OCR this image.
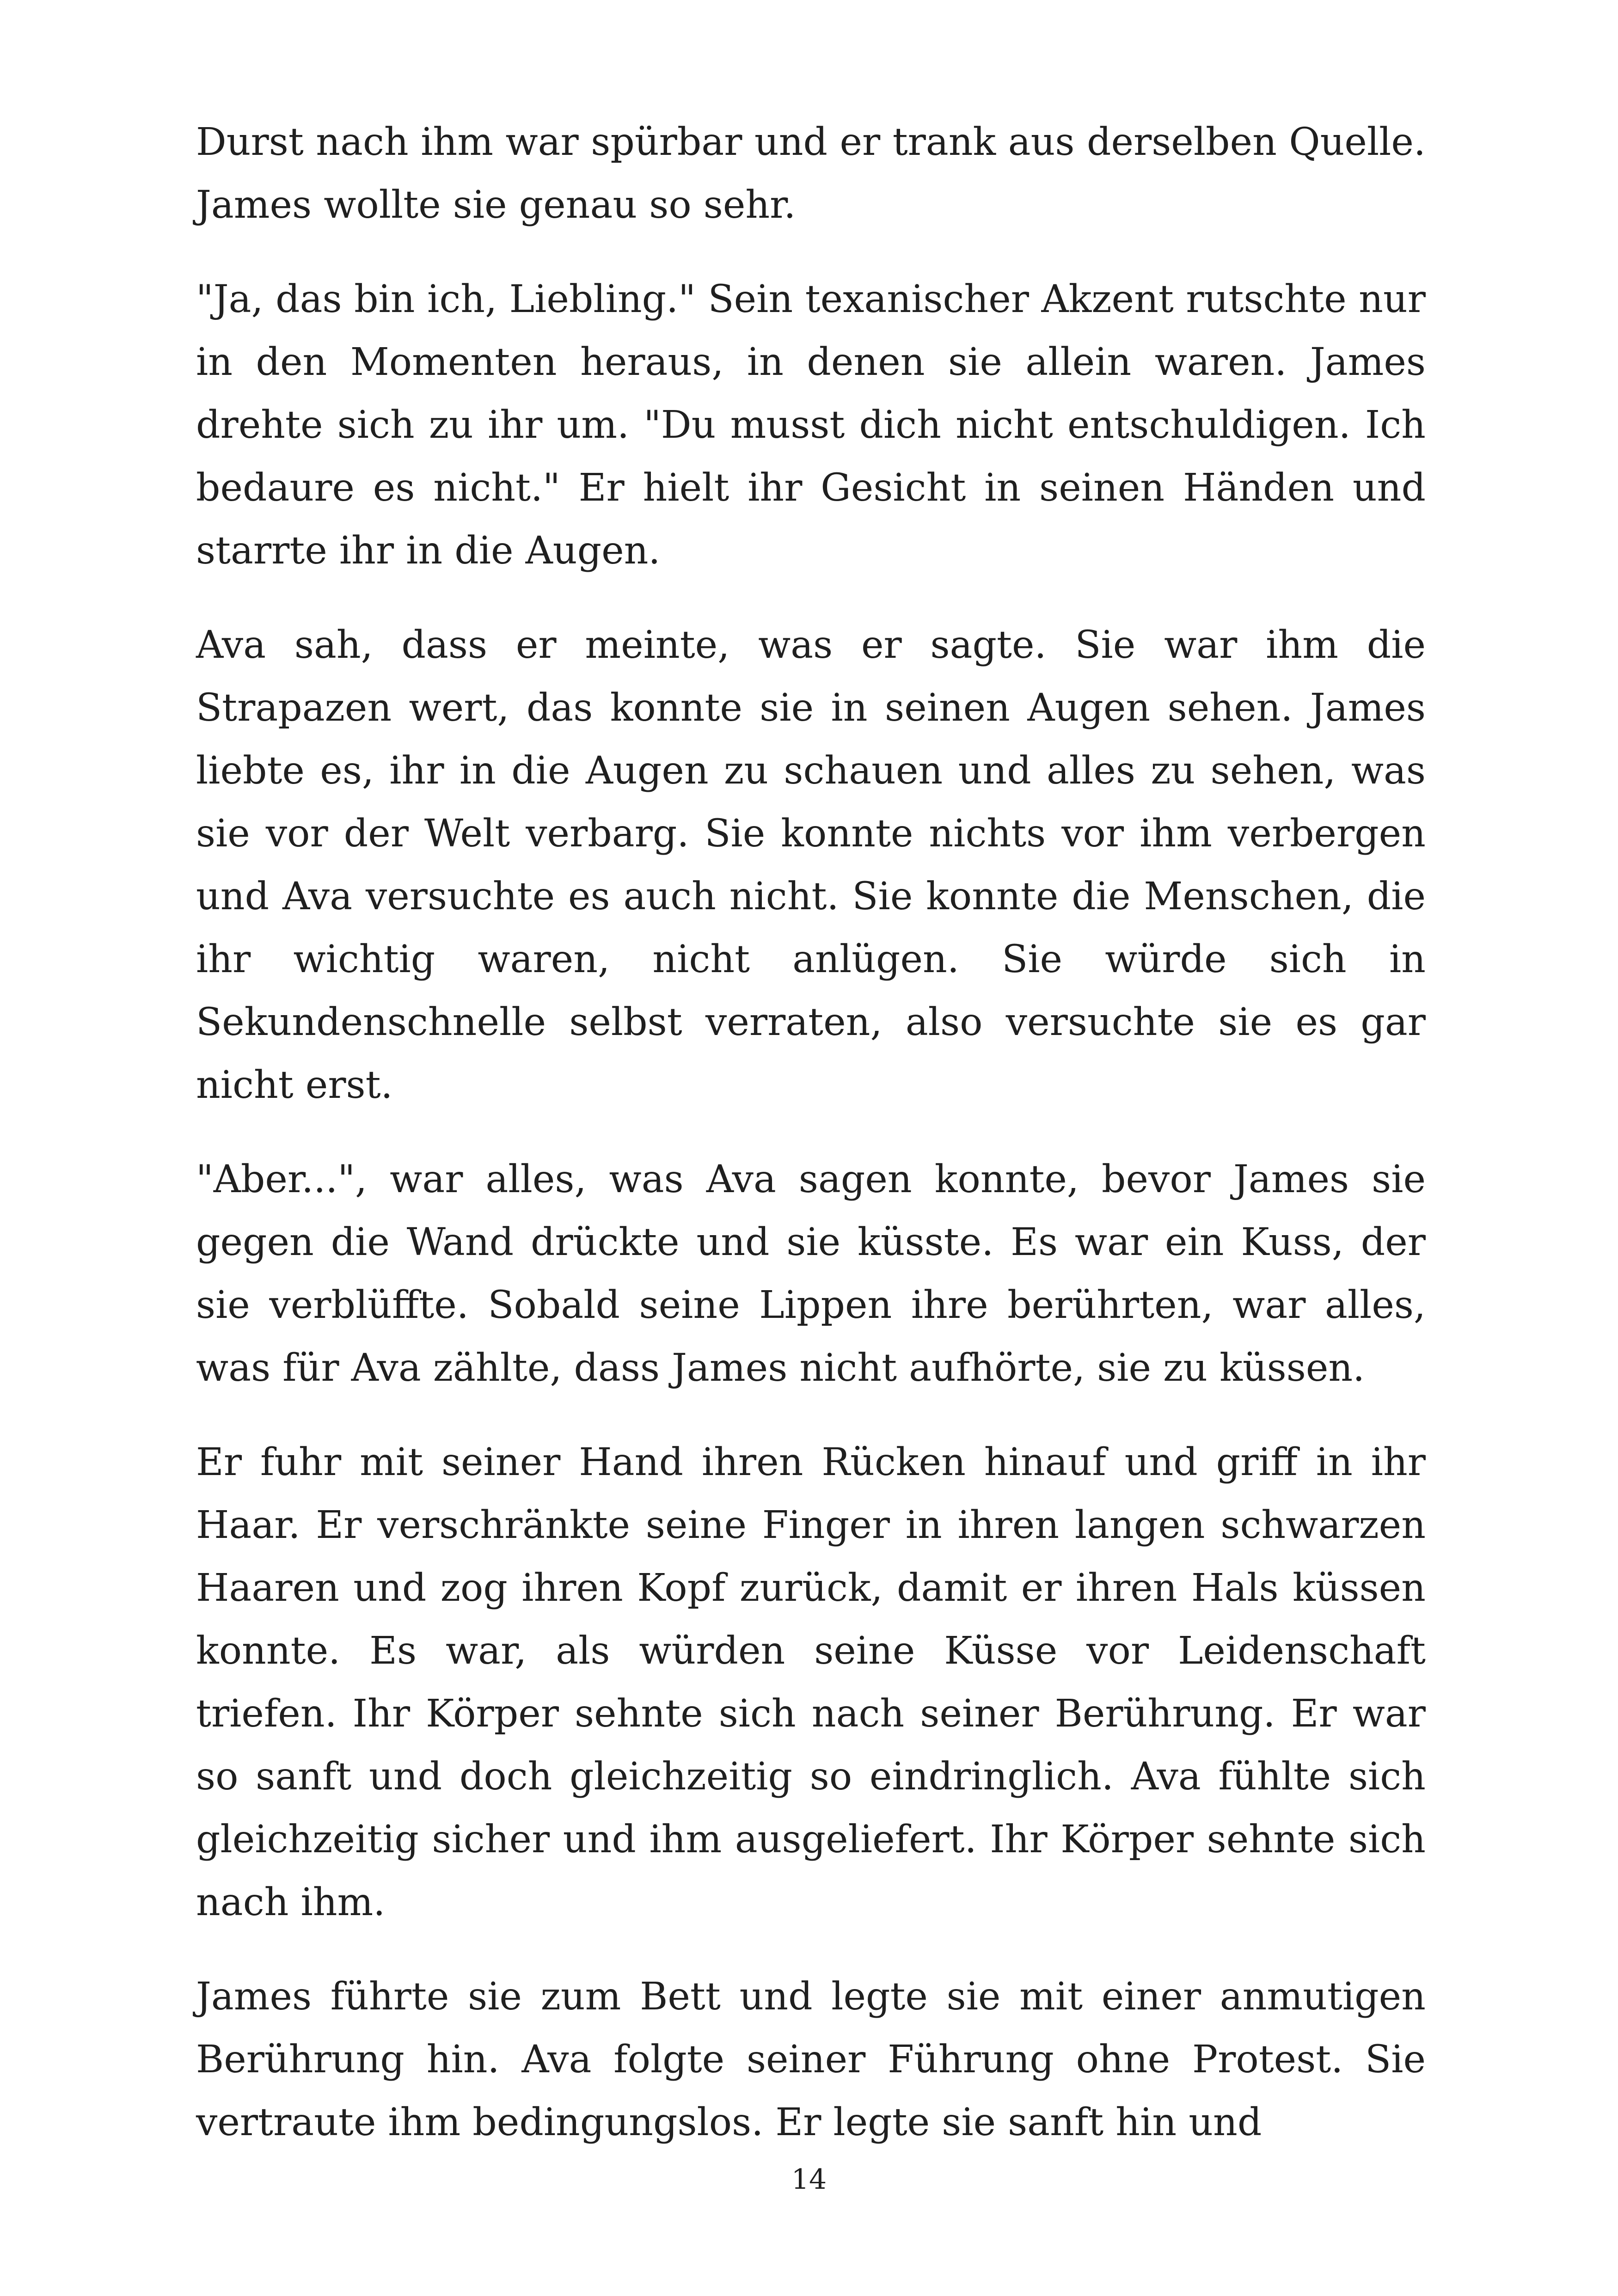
Durst nach ihm war spürbar und er trank aus derselben Quelle. James wollte sie genau so sehr.

"Ja, das bin ich, Liebling." Sein texanischer Akzent rutschte nur in den Momenten heraus, in denen sie allein waren. James drehte sich zu ihr um. "Du musst dich nicht entschuldigen. Ich bedaure es nicht." Er hielt ihr Gesicht in seinen Händen und starrte ihr in die Augen.

Ava sah, dass er meinte, was er sagte. Sie war ihm die Strapazen wert, das konnte sie in seinen Augen sehen. James liebte es, ihr in die Augen zu schauen und alles zu sehen, was sie vor der Welt verbarg. Sie konnte nichts vor ihm verbergen und Ava versuchte es auch nicht. Sie konnte die Menschen, die ihr wichtig waren, nicht anlügen. Sie würde sich in Sekundenschnelle selbst verraten, also versuchte sie es gar nicht erst.

"Aber...", war alles, was Ava sagen konnte, bevor James sie gegen die Wand drückte und sie küsste. Es war ein Kuss, der sie verblüffte. Sobald seine Lippen ihre berührten, war alles, was für Ava zählte, dass James nicht aufhörte, sie zu küssen.

Er fuhr mit seiner Hand ihren Rücken hinauf und griff in ihr Haar. Er verschränkte seine Finger in ihren langen schwarzen Haaren und zog ihren Kopf zurück, damit er ihren Hals küssen konnte. Es war, als würden seine Küsse vor Leidenschaft triefen. Ihr Körper sehnte sich nach seiner Berührung. Er war so sanft und doch gleichzeitig so eindringlich. Ava fühlte sich gleichzeitig sicher und ihm ausgeliefert. Ihr Körper sehnte sich nach ihm.

James führte sie zum Bett und legte sie mit einer anmutigen Berührung hin. Ava folgte seiner Führung ohne Protest. Sie vertraute ihm bedingungslos. Er legte sie sanft hin und

14
